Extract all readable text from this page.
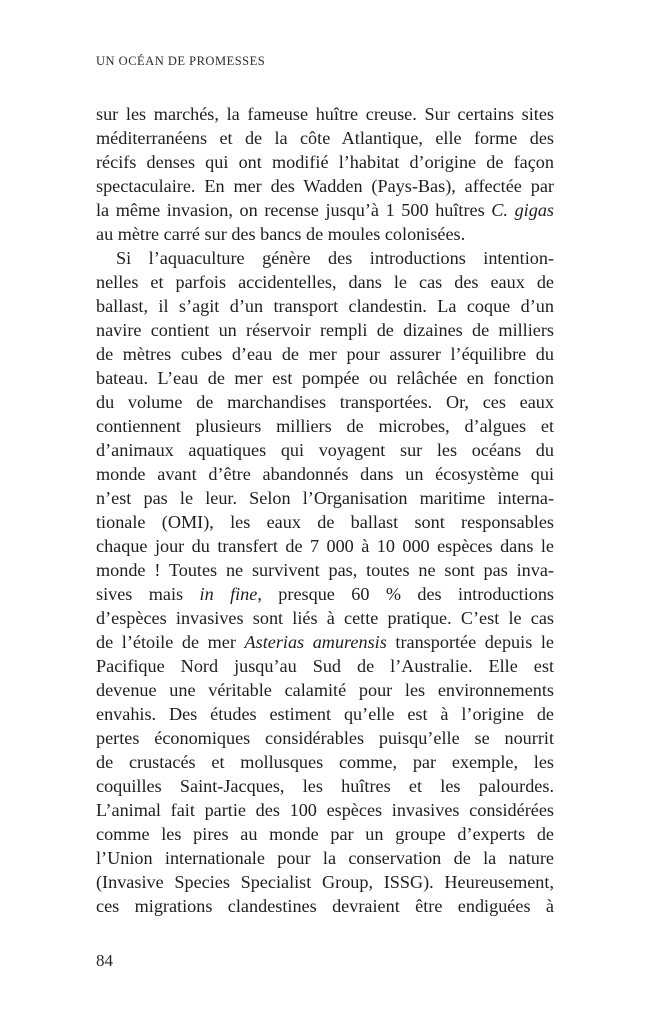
UN OCÉAN DE PROMESSES
sur les marchés, la fameuse huître creuse. Sur certains sites
méditerranéens et de la côte Atlantique, elle forme des
récifs denses qui ont modifié l’habitat d’origine de façon
spectaculaire. En mer des Wadden (Pays-Bas), affectée par
la même invasion, on recense jusqu’à 1 500 huîtres C. gigas
au mètre carré sur des bancs de moules colonisées.
Si l’aquaculture génère des introductions intention-
nelles et parfois accidentelles, dans le cas des eaux de
ballast, il s’agit d’un transport clandestin. La coque d’un
navire contient un réservoir rempli de dizaines de milliers
de mètres cubes d’eau de mer pour assurer l’équilibre du
bateau. L’eau de mer est pompée ou relâchée en fonction
du volume de marchandises transportées. Or, ces eaux
contiennent plusieurs milliers de microbes, d’algues et
d’animaux aquatiques qui voyagent sur les océans du
monde avant d’être abandonnés dans un écosystème qui
n’est pas le leur. Selon l’Organisation maritime interna-
tionale (OMI), les eaux de ballast sont responsables
chaque jour du transfert de 7 000 à 10 000 espèces dans le
monde ! Toutes ne survivent pas, toutes ne sont pas inva-
sives mais in fine, presque 60 % des introductions
d’espèces invasives sont liés à cette pratique. C’est le cas
de l’étoile de mer Asterias amurensis transportée depuis le
Pacifique Nord jusqu’au Sud de l’Australie. Elle est
devenue une véritable calamité pour les environnements
envahis. Des études estiment qu’elle est à l’origine de
pertes économiques considérables puisqu’elle se nourrit
de crustacés et mollusques comme, par exemple, les
coquilles Saint-Jacques, les huîtres et les palourdes.
L’animal fait partie des 100 espèces invasives considérées
comme les pires au monde par un groupe d’experts de
l’Union internationale pour la conservation de la nature
(Invasive Species Specialist Group, ISSG). Heureusement,
ces migrations clandestines devraient être endiguées à
84
